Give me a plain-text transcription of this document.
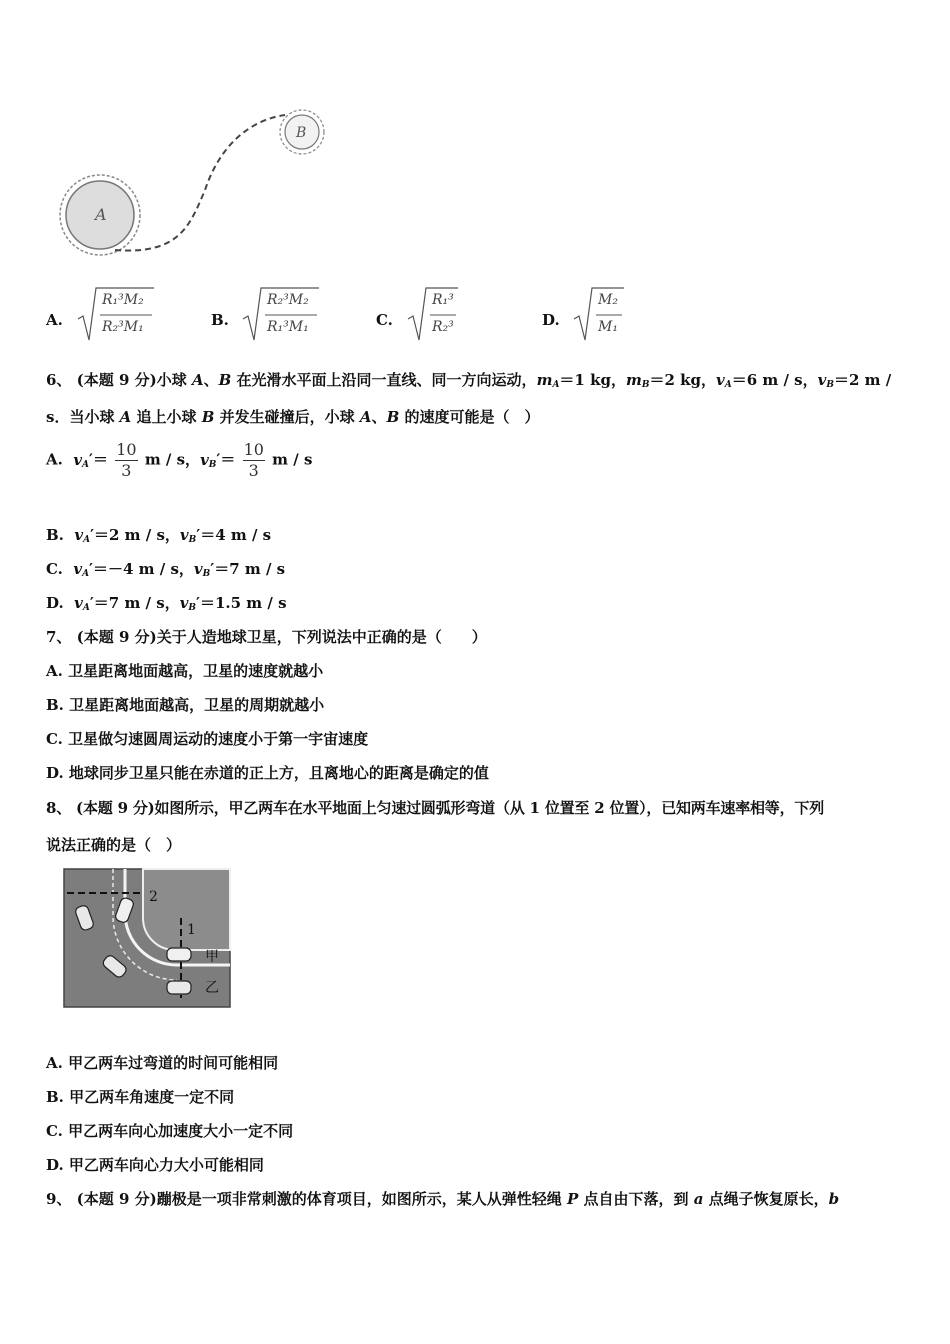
A
B
A.
R₁³M₂
R₂³M₁	B.
R₂³M₂
R₁³M₁	C.
R₁³
R₂³	D.
M₂
M₁
6、 (本题 9 分)小球 A、B 在光滑水平面上沿同一直线、同一方向运动，$m_A=1$ kg，$m_B=2$ kg，$v_A=6$ m / s，$v_B=2$ m /
s．当小球 A 追上小球 B 并发生碰撞后，小球 A、B 的速度可能是（　）
A. $v_A'= \frac{10}{3}$ m / s，$v_B'= \frac{10}{3}$ m / s
B.  $v_A'=2$ m / s，$v_B'=4$ m / s
C.  $v_A'=-4$ m / s，$v_B'=7$ m / s
D.  $v_A'=7$ m / s，$v_B'=1.5$ m / s
7、 (本题 9 分)关于人造地球卫星，下列说法中正确的是（　　）
A. 卫星距离地面越高，卫星的速度就越小
B. 卫星距离地面越高，卫星的周期就越小
C. 卫星做匀速圆周运动的速度小于第一宇宙速度
D. 地球同步卫星只能在赤道的正上方，且离地心的距离是确定的值
8、 (本题 9 分)如图所示，甲乙两车在水平地面上匀速过圆弧形弯道（从 1 位置至 2 位置），已知两车速率相等，下列
说法正确的是（　）
2
1
甲
乙
A. 甲乙两车过弯道的时间可能相同
B. 甲乙两车角速度一定不同
C. 甲乙两车向心加速度大小一定不同
D. 甲乙两车向心力大小可能相同
9、 (本题 9 分)蹦极是一项非常刺激的体育项目，如图所示，某人从弹性轻绳 P 点自由下落，到 a 点绳子恢复原长，b
